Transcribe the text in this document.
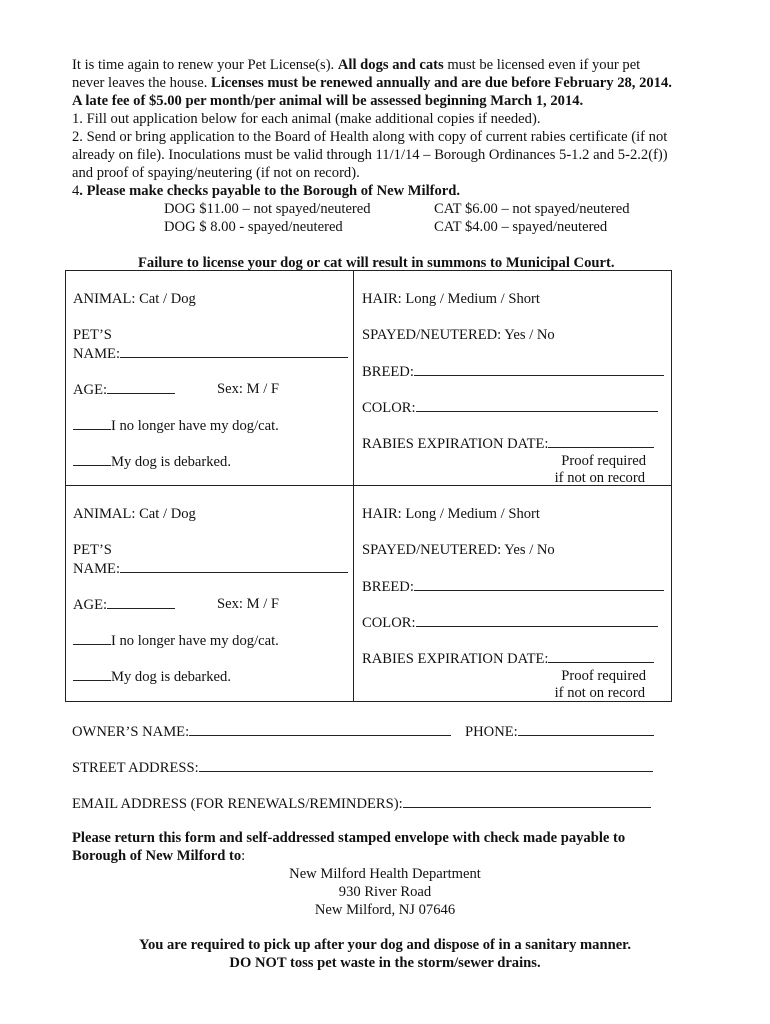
It is time again to renew your Pet License(s). All dogs and cats must be licensed even if your pet
never leaves the house. Licenses must be renewed annually and are due before February 28, 2014.
A late fee of $5.00 per month/per animal will be assessed beginning March 1, 2014.
1. Fill out application below for each animal (make additional copies if needed).
2. Send or bring application to the Board of Health along with copy of current rabies certificate (if not
already on file). Inoculations must be valid through 11/1/14 – Borough Ordinances 5-1.2 and 5-2.2(f))
and proof of spaying/neutering (if not on record).
4. Please make checks payable to the Borough of New Milford.
DOG $11.00 – not spayed/neutered	CAT $6.00 – not spayed/neutered
DOG $ 8.00 - spayed/neutered	CAT $4.00 – spayed/neutered
Failure to license your dog or cat will result in summons to Municipal Court.
ANIMAL: Cat / Dog
PET’S
NAME:
AGE:	Sex: M / F
I no longer have my dog/cat.
My dog is debarked.
HAIR: Long / Medium / Short
SPAYED/NEUTERED: Yes / No
BREED:
COLOR:
RABIES EXPIRATION DATE:
Proof required
if not on record
ANIMAL: Cat / Dog
PET’S
NAME:
AGE:	Sex: M / F
I no longer have my dog/cat.
My dog is debarked.
HAIR: Long / Medium / Short
SPAYED/NEUTERED: Yes / No
BREED:
COLOR:
RABIES EXPIRATION DATE:
Proof required
if not on record
OWNER’S NAME:	PHONE:
STREET ADDRESS:
EMAIL ADDRESS (FOR RENEWALS/REMINDERS):
Please return this form and self-addressed stamped envelope with check made payable to
Borough of New Milford to:
New Milford Health Department
930 River Road
New Milford, NJ 07646
You are required to pick up after your dog and dispose of in a sanitary manner.
DO NOT toss pet waste in the storm/sewer drains.
